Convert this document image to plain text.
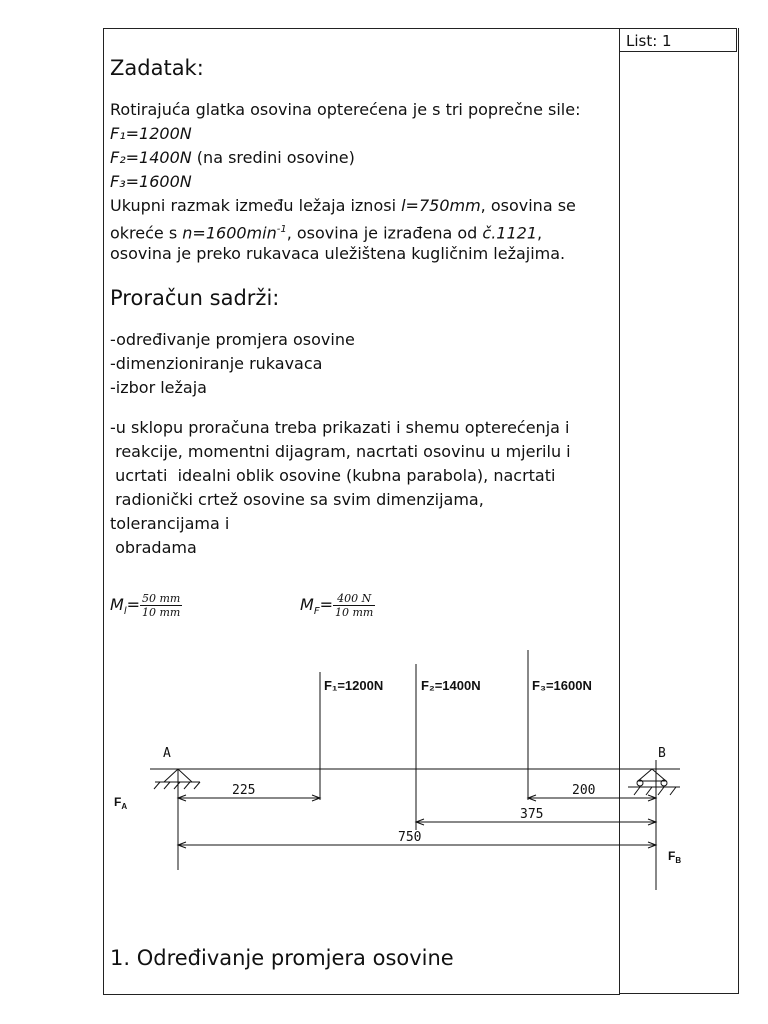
List: 1
Zadatak:
Rotirajuća glatka osovina opterećena je s tri poprečne sile:
F₁=1200N
F₂=1400N (na sredini osovine)
F₃=1600N
Ukupni razmak između ležaja iznosi l=750mm, osovina se
okreće s $n=1600\min^{-1}$, osovina je izrađena od č.1121,
osovina je preko rukavaca uležištena kugličnim ležajima.
Proračun sadrži:
-određivanje promjera osovine
-dimenzioniranje rukavaca
-izbor ležaja
-u sklopu proračuna treba prikazati i shemu opterećenja i
reakcije, momentni dijagram, nacrtati osovinu u mjerilu i
ucrtati  idealni oblik osovine (kubna parabola), nacrtati
radionički crtež osovine sa svim dimenzijama,
tolerancijama i
obradama
$M_l= \frac{50 mm}{10 mm}$	$M_F= \frac{400 N}{10 mm}$
A	B
225	200
375
750
F₁=1200N	F₂=1400N	F₃=1600N
$F_A$
$F_B$
1. Određivanje promjera osovine
